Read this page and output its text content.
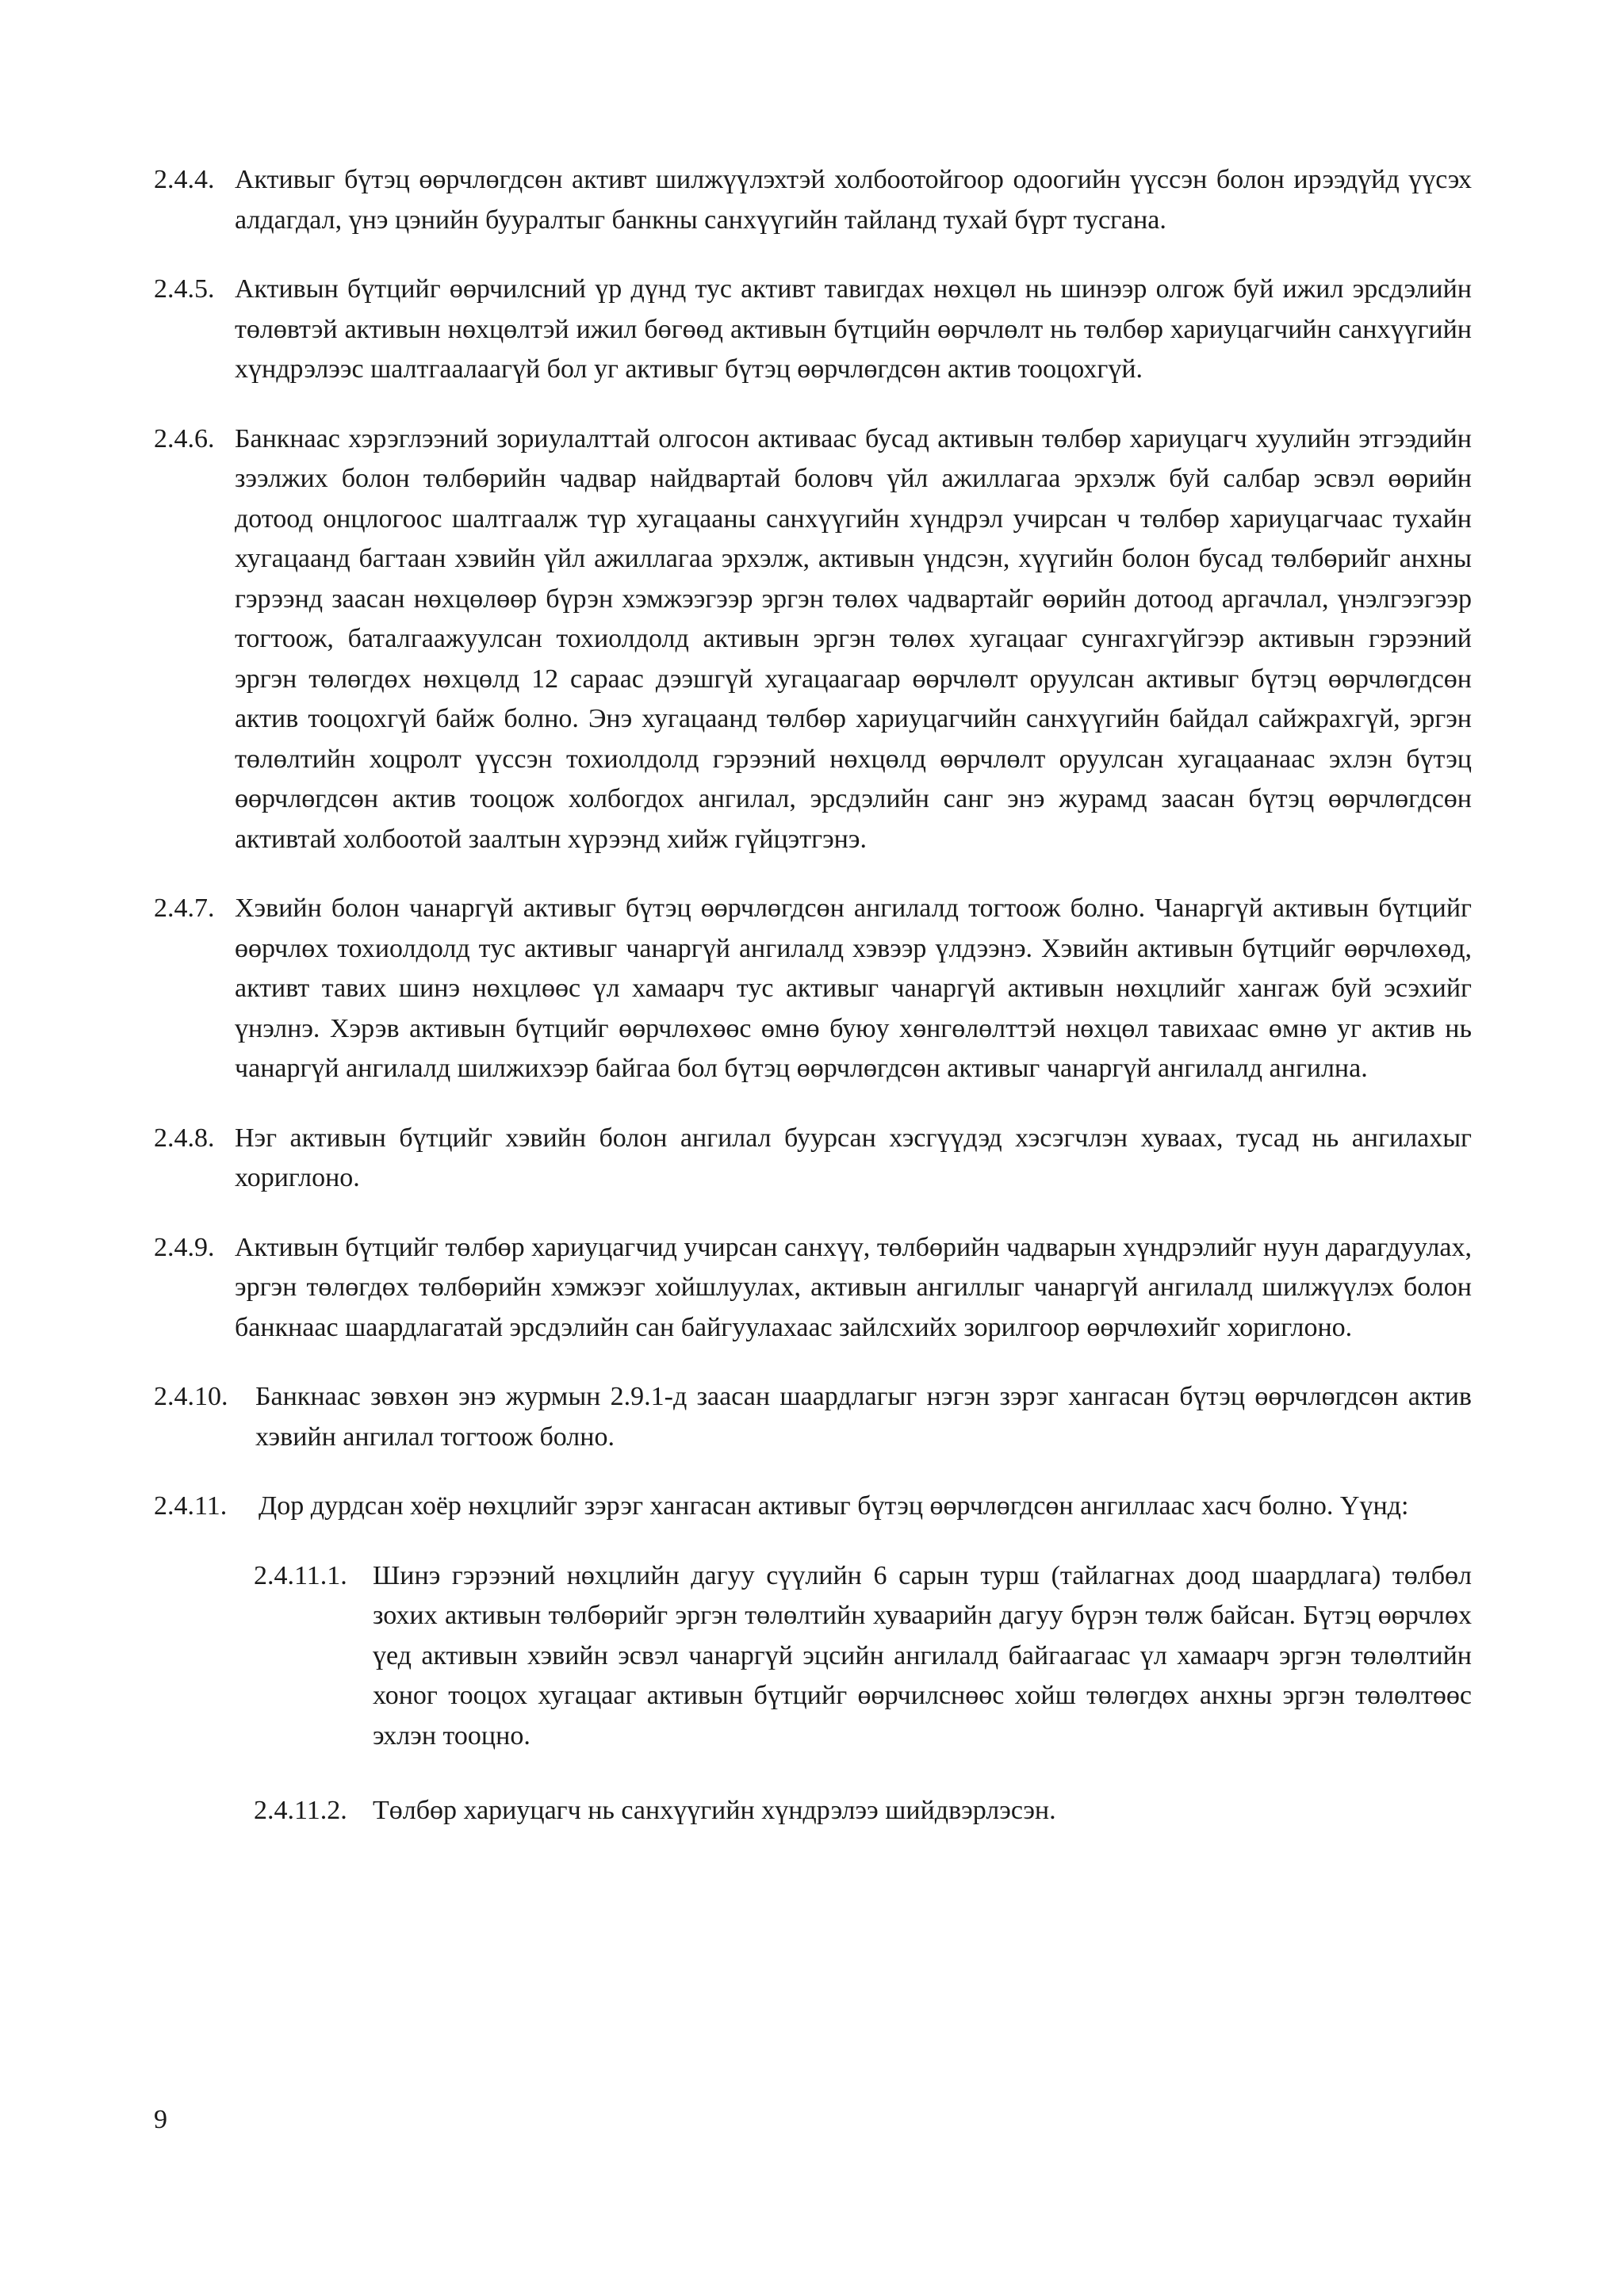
2.4.4. Активыг бүтэц өөрчлөгдсөн активт шилжүүлэхтэй холбоотойгоор одоогийн үүссэн болон ирээдүйд үүсэх алдагдал, үнэ цэнийн бууралтыг банкны санхүүгийн тайланд тухай бүрт тусгана.
2.4.5. Активын бүтцийг өөрчилсний үр дүнд тус активт тавигдах нөхцөл нь шинээр олгож буй ижил эрсдэлийн төлөвтэй активын нөхцөлтэй ижил бөгөөд активын бүтцийн өөрчлөлт нь төлбөр хариуцагчийн санхүүгийн хүндрэлээс шалтгаалаагүй бол уг активыг бүтэц өөрчлөгдсөн актив тооцохгүй.
2.4.6. Банкнаас хэрэглээний зориулалттай олгосон активаас бусад активын төлбөр хариуцагч хуулийн этгээдийн зээлжих болон төлбөрийн чадвар найдвартай боловч үйл ажиллагаа эрхэлж буй салбар эсвэл өөрийн дотоод онцлогоос шалтгаалж түр хугацааны санхүүгийн хүндрэл учирсан ч төлбөр хариуцагчаас тухайн хугацаанд багтаан хэвийн үйл ажиллагаа эрхэлж, активын үндсэн, хүүгийн болон бусад төлбөрийг анхны гэрээнд заасан нөхцөлөөр бүрэн хэмжээгээр эргэн төлөх чадвартайг өөрийн дотоод аргачлал, үнэлгээгээр тогтоож, баталгаажуулсан тохиолдолд активын эргэн төлөх хугацааг сунгахгүйгээр активын гэрээний эргэн төлөгдөх нөхцөлд 12 сараас дээшгүй хугацаагаар өөрчлөлт оруулсан активыг бүтэц өөрчлөгдсөн актив тооцохгүй байж болно. Энэ хугацаанд төлбөр хариуцагчийн санхүүгийн байдал сайжрахгүй, эргэн төлөлтийн хоцролт үүссэн тохиолдолд гэрээний нөхцөлд өөрчлөлт оруулсан хугацаанаас эхлэн бүтэц өөрчлөгдсөн актив тооцож холбогдох ангилал, эрсдэлийн санг энэ журамд заасан бүтэц өөрчлөгдсөн активтай холбоотой заалтын хүрээнд хийж гүйцэтгэнэ.
2.4.7. Хэвийн болон чанаргүй активыг бүтэц өөрчлөгдсөн ангилалд тогтоож болно. Чанаргүй активын бүтцийг өөрчлөх тохиолдолд тус активыг чанаргүй ангилалд хэвээр үлдээнэ. Хэвийн активын бүтцийг өөрчлөхөд, активт тавих шинэ нөхцлөөс үл хамаарч тус активыг чанаргүй активын нөхцлийг хангаж буй эсэхийг үнэлнэ. Хэрэв активын бүтцийг өөрчлөхөөс өмнө буюу хөнгөлөлттэй нөхцөл тавихаас өмнө уг актив нь чанаргүй ангилалд шилжихээр байгаа бол бүтэц өөрчлөгдсөн активыг чанаргүй ангилалд ангилна.
2.4.8. Нэг активын бүтцийг хэвийн болон ангилал буурсан хэсгүүдэд хэсэгчлэн хуваах, тусад нь ангилахыг хориглоно.
2.4.9. Активын бүтцийг төлбөр хариуцагчид учирсан санхүү, төлбөрийн чадварын хүндрэлийг нуун дарагдуулах, эргэн төлөгдөх төлбөрийн хэмжээг хойшлуулах, активын ангиллыг чанаргүй ангилалд шилжүүлэх болон банкнаас шаардлагатай эрсдэлийн сан байгуулахаас зайлсхийх зорилгоор өөрчлөхийг хориглоно.
2.4.10.	Банкнаас зөвхөн энэ журмын 2.9.1-д заасан шаардлагыг нэгэн зэрэг хангасан бүтэц өөрчлөгдсөн актив хэвийн ангилал тогтоож болно.
2.4.11.	Дор дурдсан хоёр нөхцлийг зэрэг хангасан активыг бүтэц өөрчлөгдсөн ангиллаас хасч болно. Үүнд:
2.4.11.1. Шинэ гэрээний нөхцлийн дагуу сүүлийн 6 сарын турш (тайлагнах доод шаардлага) төлбөл зохих активын төлбөрийг эргэн төлөлтийн хуваарийн дагуу бүрэн төлж байсан. Бүтэц өөрчлөх үед активын хэвийн эсвэл чанаргүй эцсийн ангилалд байгаагаас үл хамаарч эргэн төлөлтийн хоног тооцох хугацааг активын бүтцийг өөрчилснөөс хойш төлөгдөх анхны эргэн төлөлтөөс эхлэн тооцно.
2.4.11.2. Төлбөр хариуцагч нь санхүүгийн хүндрэлээ шийдвэрлэсэн.
9
